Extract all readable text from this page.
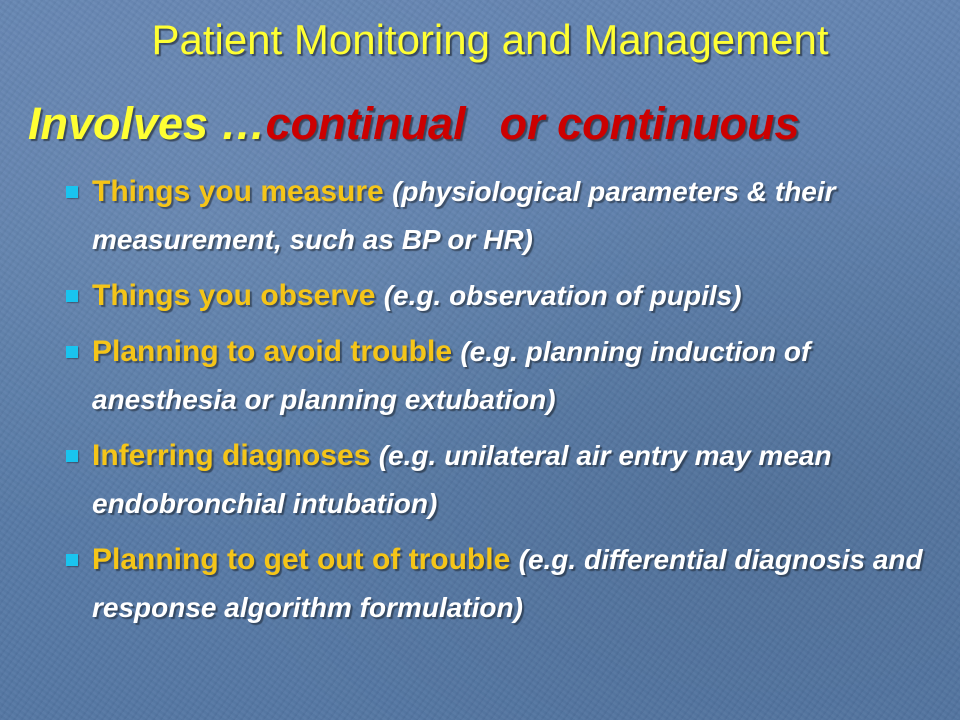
Patient Monitoring and Management

Involves …continual or continuous

Things you measure (physiological parameters & their measurement, such as BP or HR)
Things you observe (e.g. observation of pupils)
Planning to avoid trouble (e.g. planning induction of anesthesia or planning extubation)
Inferring diagnoses (e.g. unilateral air entry may mean endobronchial intubation)
Planning to get out of trouble (e.g. differential diagnosis and response algorithm formulation)
